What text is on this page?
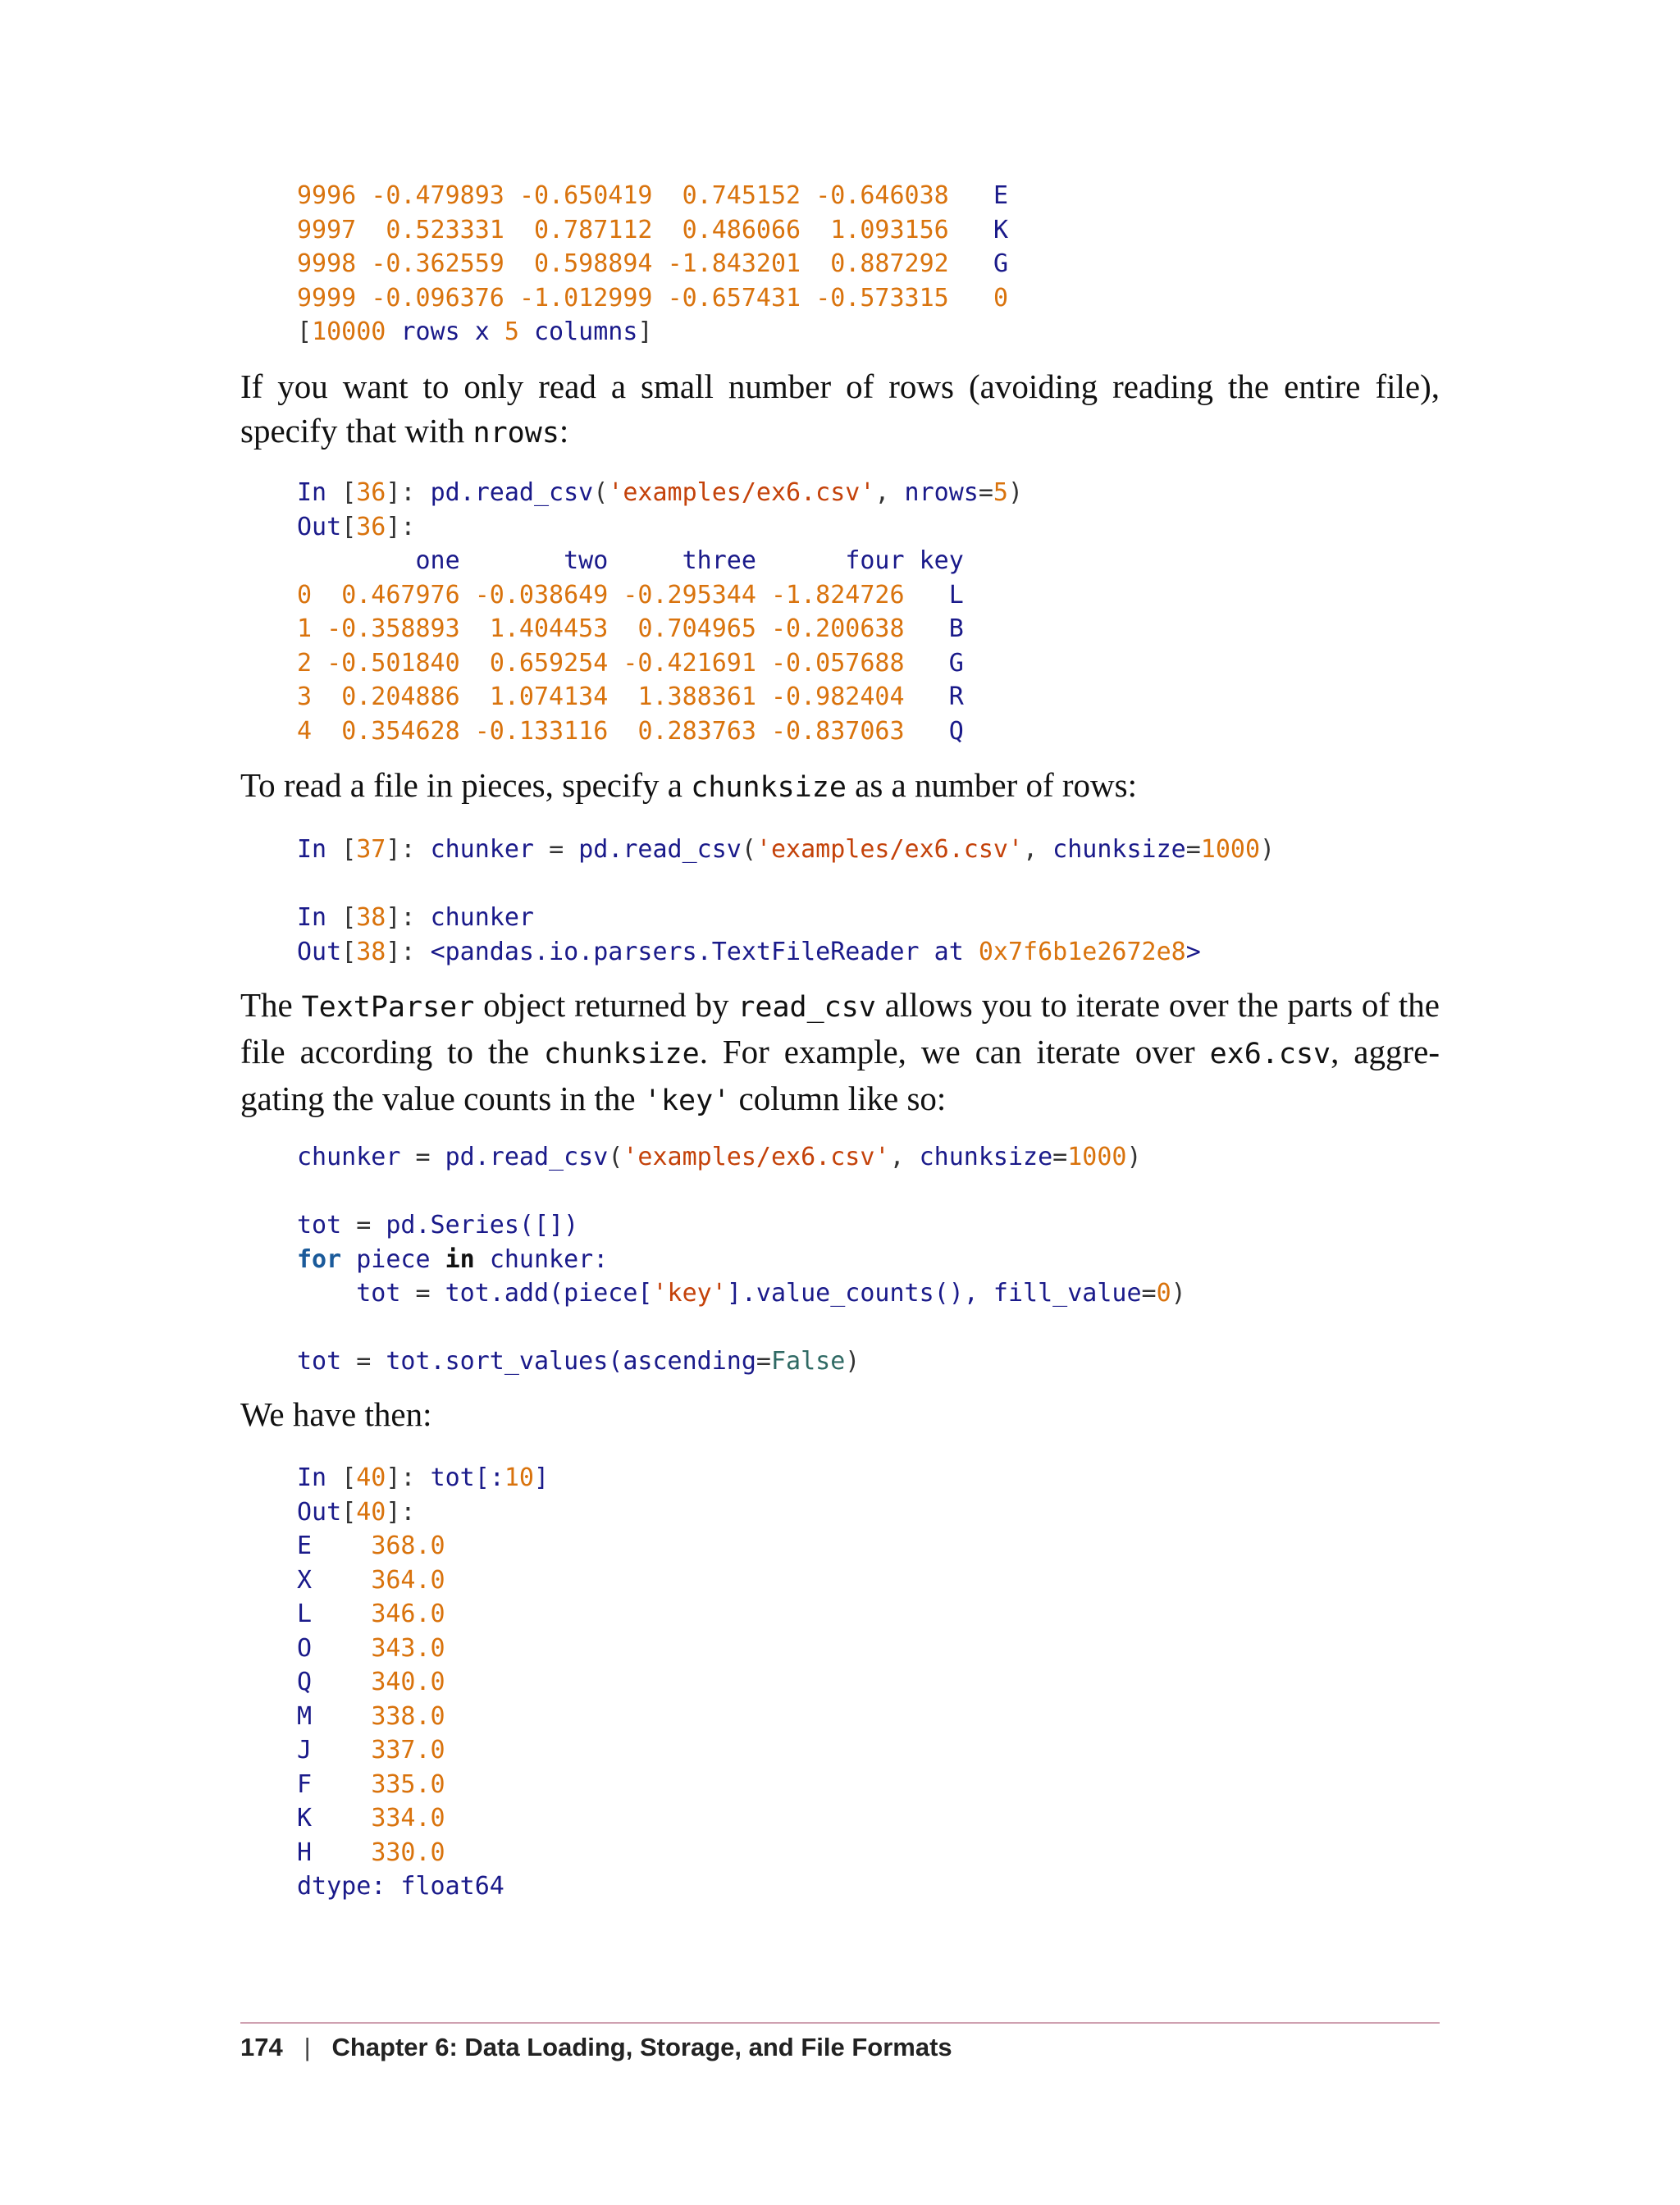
9996 -0.479893 -0.650419 0.745152 -0.646038 E
9997 0.523331 0.787112 0.486066 1.093156 K
9998 -0.362559 0.598894 -1.843201 0.887292 G
9999 -0.096376 -1.012999 -0.657431 -0.573315 0
[10000 rows x 5 columns]

If you want to only read a small number of rows (avoiding reading the entire file), specify that with nrows:

In [36]: pd.read_csv('examples/ex6.csv', nrows=5)
Out[36]:
one	two	three	four key
0 0.467976 -0.038649 -0.295344 -1.824726 L
1 -0.358893 1.404453 0.704965 -0.200638 B
2 -0.501840 0.659254 -0.421691 -0.057688 G
3 0.204886 1.074134 1.388361 -0.982404 R
4 0.354628 -0.133116 0.283763 -0.837063 Q

To read a file in pieces, specify a chunksize as a number of rows:

In [37]: chunker = pd.read_csv('examples/ex6.csv', chunksize=1000)

In [38]: chunker
Out[38]: <pandas.io.parsers.TextFileReader at 0x7f6b1e2672e8>

The TextParser object returned by read_csv allows you to iterate over the parts of the file according to the chunksize. For example, we can iterate over ex6.csv, aggre-gating the value counts in the 'key' column like so:

chunker = pd.read_csv('examples/ex6.csv', chunksize=1000)

tot = pd.Series([])
for piece in chunker:
tot = tot.add(piece['key'].value_counts(), fill_value=0)

tot = tot.sort_values(ascending=False)

We have then:

In [40]: tot[:10]
Out[40]:
E 368.0
X 364.0
L 346.0
O 343.0
Q 340.0
M 338.0
J 337.0
F 335.0
K 334.0
H 330.0
dtype: float64
174 | Chapter 6: Data Loading, Storage, and File Formats
